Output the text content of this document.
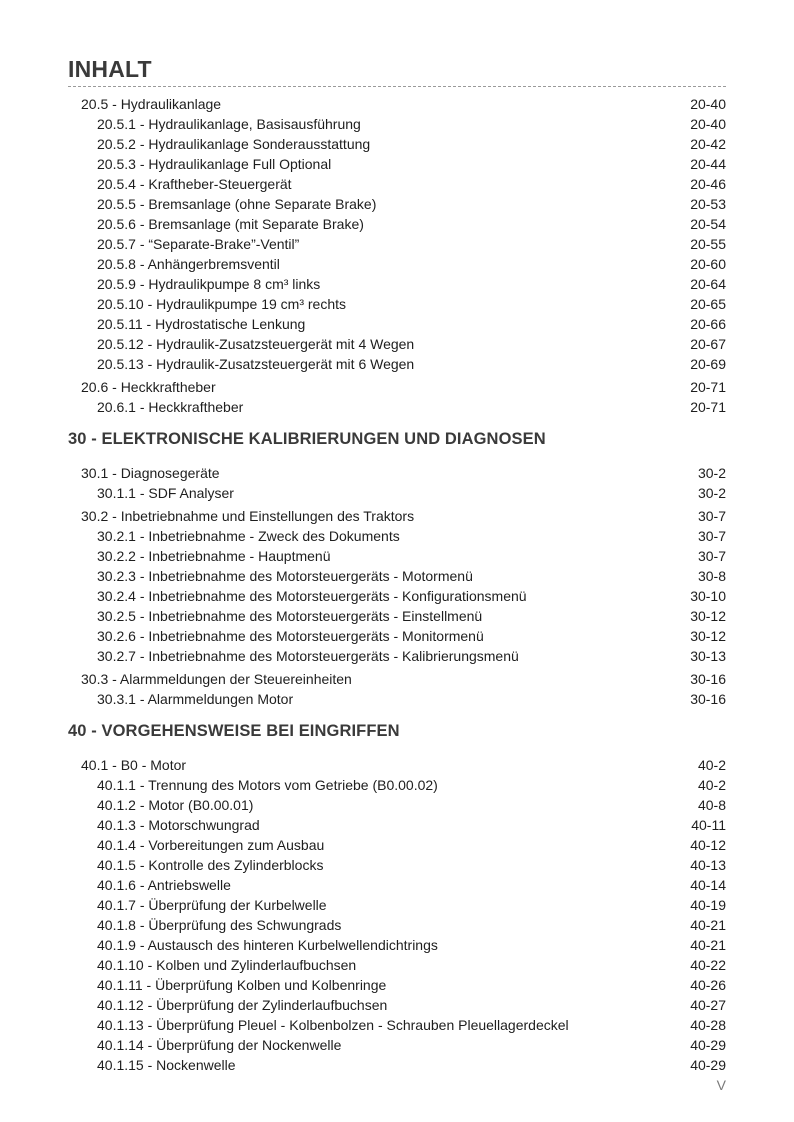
INHALT
20.5 - Hydraulikanlage	20-40
20.5.1 - Hydraulikanlage, Basisausführung	20-40
20.5.2 - Hydraulikanlage Sonderausstattung	20-42
20.5.3 - Hydraulikanlage Full Optional	20-44
20.5.4 - Kraftheber-Steuergerät	20-46
20.5.5 - Bremsanlage (ohne Separate Brake)	20-53
20.5.6 - Bremsanlage (mit Separate Brake)	20-54
20.5.7 - “Separate-Brake”-Ventil”	20-55
20.5.8 - Anhängerbremsventil	20-60
20.5.9 - Hydraulikpumpe 8 cm³ links	20-64
20.5.10 - Hydraulikpumpe 19 cm³ rechts	20-65
20.5.11 - Hydrostatische Lenkung	20-66
20.5.12 - Hydraulik-Zusatzsteuergerät mit 4 Wegen	20-67
20.5.13 - Hydraulik-Zusatzsteuergerät mit 6 Wegen	20-69
20.6 - Heckkraftheber	20-71
20.6.1 - Heckkraftheber	20-71
30 - ELEKTRONISCHE KALIBRIERUNGEN UND DIAGNOSEN
30.1 - Diagnosegeräte	30-2
30.1.1 - SDF Analyser	30-2
30.2 - Inbetriebnahme und Einstellungen des Traktors	30-7
30.2.1 - Inbetriebnahme - Zweck des Dokuments	30-7
30.2.2 - Inbetriebnahme - Hauptmenü	30-7
30.2.3 - Inbetriebnahme des Motorsteuergeräts - Motormenü	30-8
30.2.4 - Inbetriebnahme des Motorsteuergeräts - Konfigurationsmenü	30-10
30.2.5 - Inbetriebnahme des Motorsteuergeräts - Einstellmenü	30-12
30.2.6 - Inbetriebnahme des Motorsteuergeräts - Monitormenü	30-12
30.2.7 - Inbetriebnahme des Motorsteuergeräts - Kalibrierungsmenü	30-13
30.3 - Alarmmeldungen der Steuereinheiten	30-16
30.3.1 - Alarmmeldungen Motor	30-16
40 - VORGEHENSWEISE BEI EINGRIFFEN
40.1 - B0 - Motor	40-2
40.1.1 - Trennung des Motors vom Getriebe (B0.00.02)	40-2
40.1.2 - Motor (B0.00.01)	40-8
40.1.3 - Motorschwungrad	40-11
40.1.4 - Vorbereitungen zum Ausbau	40-12
40.1.5 - Kontrolle des Zylinderblocks	40-13
40.1.6 - Antriebswelle	40-14
40.1.7 - Überprüfung der Kurbelwelle	40-19
40.1.8 - Überprüfung des Schwungrads	40-21
40.1.9 - Austausch des hinteren Kurbelwellendichtrings	40-21
40.1.10 - Kolben und Zylinderlaufbuchsen	40-22
40.1.11 - Überprüfung Kolben und Kolbenringe	40-26
40.1.12 - Überprüfung der Zylinderlaufbuchsen	40-27
40.1.13 - Überprüfung Pleuel - Kolbenbolzen - Schrauben Pleuellagerdeckel	40-28
40.1.14 - Überprüfung der Nockenwelle	40-29
40.1.15 - Nockenwelle	40-29
V
